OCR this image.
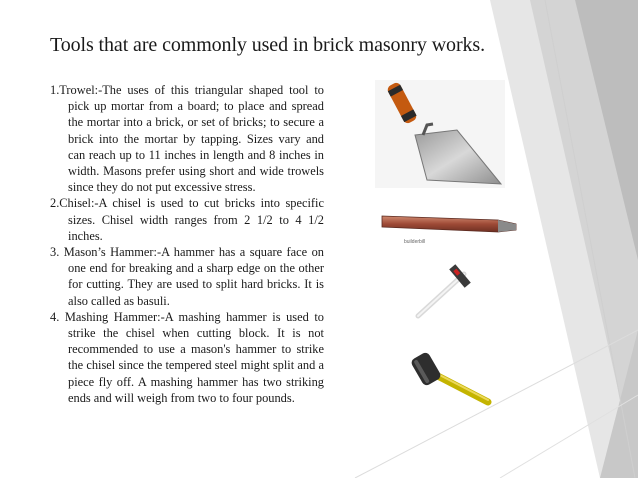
Tools that are commonly used in brick masonry works.

1.Trowel:-The uses of this triangular shaped tool to pick up mortar from a board; to place and spread the mortar into a brick, or set of bricks; to secure a brick into the mortar by tapping. Sizes vary and can reach up to 11 inches in length and 8 inches in width. Masons prefer using short and wide trowels since they do not put excessive stress.

2.Chisel:-A chisel is used to cut bricks into specific sizes. Chisel width ranges from 2 1/2 to 4 1/2 inches.

3. Mason’s Hammer:-A hammer has a square face on one end for breaking and a sharp edge on the other for cutting. They are used to split hard bricks. It is also called as basuli.

4. Mashing Hammer:-A mashing hammer is used to strike the chisel when cutting block. It is not recommended to use a mason's hammer to strike the chisel since the tempered steel might split and a piece fly off. A mashing hammer has two striking ends and will weigh from two to four pounds.

builderbill
